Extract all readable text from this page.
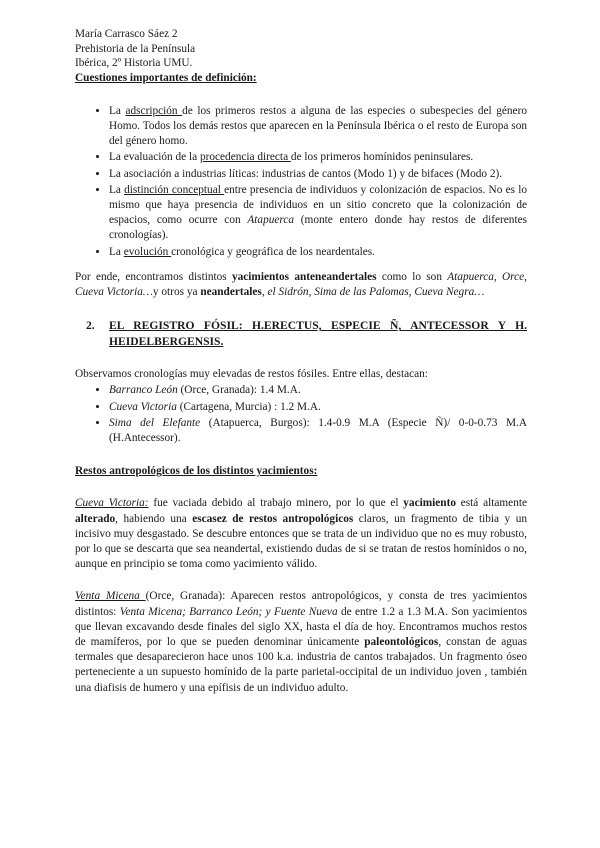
María Carrasco Sáez 2
Prehistoria de la Península
Ibérica, 2º Historia UMU.
Cuestiones importantes de definición:
• La adscripción de los primeros restos a alguna de las especies o subespecies del género Homo. Todos los demás restos que aparecen en la Península Ibérica o el resto de Europa son del género homo.
• La evaluación de la procedencia directa de los primeros homínidos peninsulares.
• La asociación a industrias líticas: industrias de cantos (Modo 1) y de bifaces (Modo 2).
• La distinción conceptual entre presencia de individuos y colonización de espacios. No es lo mismo que haya presencia de individuos en un sitio concreto que la colonización de espacios, como ocurre con Atapuerca (monte entero donde hay restos de diferentes cronologías).
• La evolución cronológica y geográfica de los neardentales.

Por ende, encontramos distintos yacimientos anteneandertales como lo son Atapuerca, Orce, Cueva Victoria…y otros ya neandertales, el Sidrón, Sima de las Palomas, Cueva Negra…

2.	EL REGISTRO FÓSIL: H.ERECTUS, ESPECIE Ñ, ANTECESSOR Y H. HEIDELBERGENSIS.

Observamos cronologías muy elevadas de restos fósiles. Entre ellas, destacan:

• Barranco León (Orce, Granada): 1.4 M.A.
• Cueva Victoria (Cartagena, Murcia) : 1.2 M.A.
• Sima del Elefante (Atapuerca, Burgos): 1.4-0.9 M.A (Especie Ñ)/ 0-0-0.73 M.A (H.Antecessor).
Restos antropológicos de los distintos yacimientos:

Cueva Victoria: fue vaciada debido al trabajo minero, por lo que el yacimiento está altamente alterado, habiendo una escasez de restos antropológicos claros, un fragmento de tibia y un incisivo muy desgastado. Se descubre entonces que se trata de un individuo que no es muy robusto, por lo que se descarta que sea neandertal, existiendo dudas de si se tratan de restos homínidos o no, aunque en principio se toma como yacimiento válido.

Venta Micena (Orce, Granada): Aparecen restos antropológicos, y consta de tres yacimientos distintos: Venta Micena; Barranco León; y Fuente Nueva de entre 1.2 a 1.3 M.A. Son yacimientos que llevan excavando desde finales del siglo XX, hasta el día de hoy. Encontramos muchos restos de mamíferos, por lo que se pueden denominar únicamente paleontológicos, constan de aguas termales que desaparecieron hace unos 100 k.a. industria de cantos trabajados. Un fragmento óseo perteneciente a un supuesto homínido de la parte parietal-occipital de un individuo joven , también una diafisis de humero y una epífisis de un individuo adulto.
